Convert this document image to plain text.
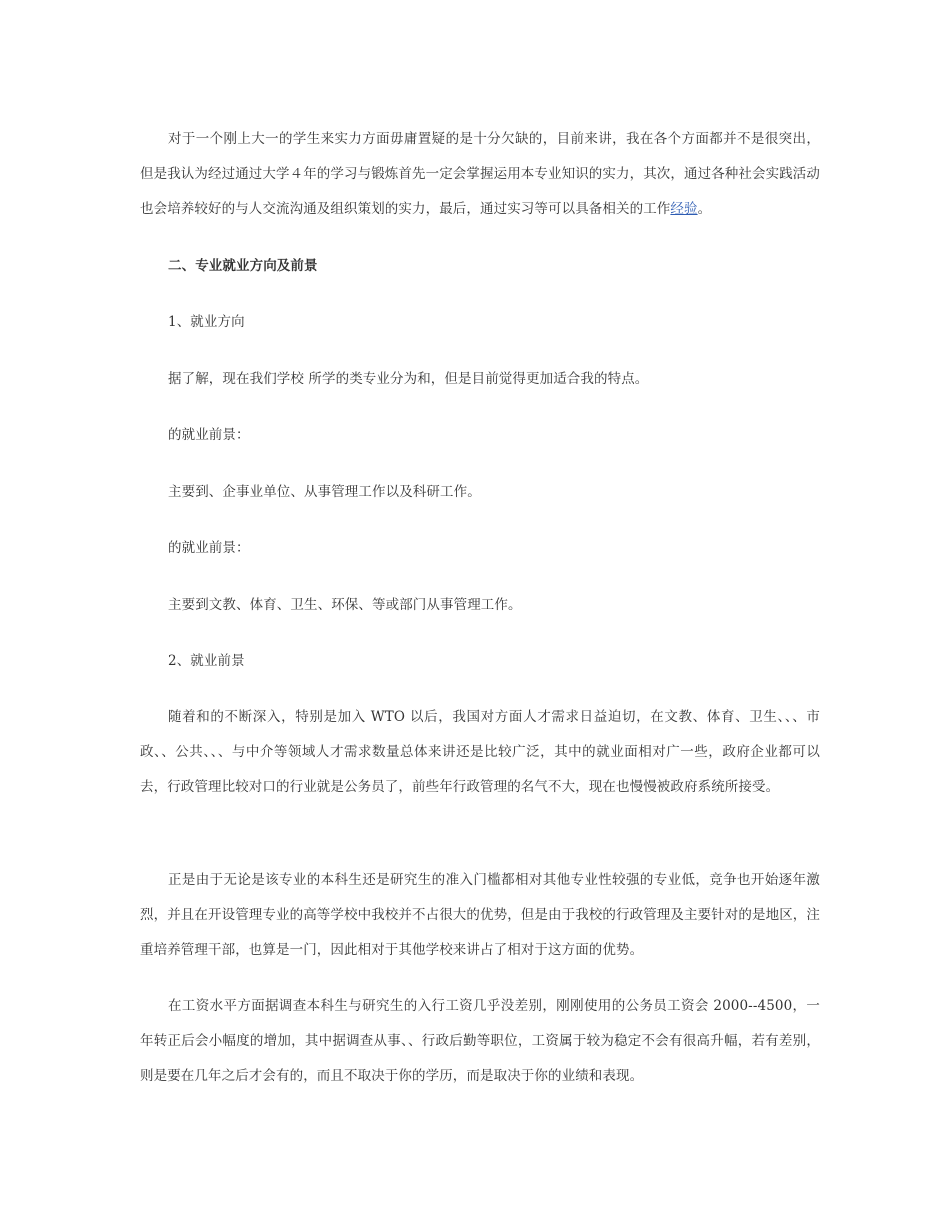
对于一个刚上大一的学生来实力方面毋庸置疑的是十分欠缺的，目前来讲，我在各个方面都并不是很突出，但是我认为经过通过大学４年的学习与锻炼首先一定会掌握运用本专业知识的实力，其次，通过各种社会实践活动也会培养较好的与人交流沟通及组织策划的实力，最后，通过实习等可以具备相关的工作经验。

二、专业就业方向及前景

1、就业方向

据了解，现在我们学校 所学的类专业分为和，但是目前觉得更加适合我的特点。

的就业前景：

主要到、企事业单位、从事管理工作以及科研工作。

的就业前景：

主要到文教、体育、卫生、环保、等或部门从事管理工作。

2、就业前景

随着和的不断深入，特别是加入 WTO 以后，我国对方面人才需求日益迫切，在文教、体育、卫生、、、市政、、公共、、、与中介等领域人才需求数量总体来讲还是比较广泛，其中的就业面相对广一些，政府企业都可以去，行政管理比较对口的行业就是公务员了，前些年行政管理的名气不大，现在也慢慢被政府系统所接受。

正是由于无论是该专业的本科生还是研究生的准入门槛都相对其他专业性较强的专业低，竞争也开始逐年激烈，并且在开设管理专业的高等学校中我校并不占很大的优势，但是由于我校的行政管理及主要针对的是地区，注重培养管理干部，也算是一门，因此相对于其他学校来讲占了相对于这方面的优势。

在工资水平方面据调查本科生与研究生的入行工资几乎没差别，刚刚使用的公务员工资会 2000--4500，一年转正后会小幅度的增加，其中据调查从事、、行政后勤等职位，工资属于较为稳定不会有很高升幅，若有差别，则是要在几年之后才会有的，而且不取决于你的学历，而是取决于你的业绩和表现。
